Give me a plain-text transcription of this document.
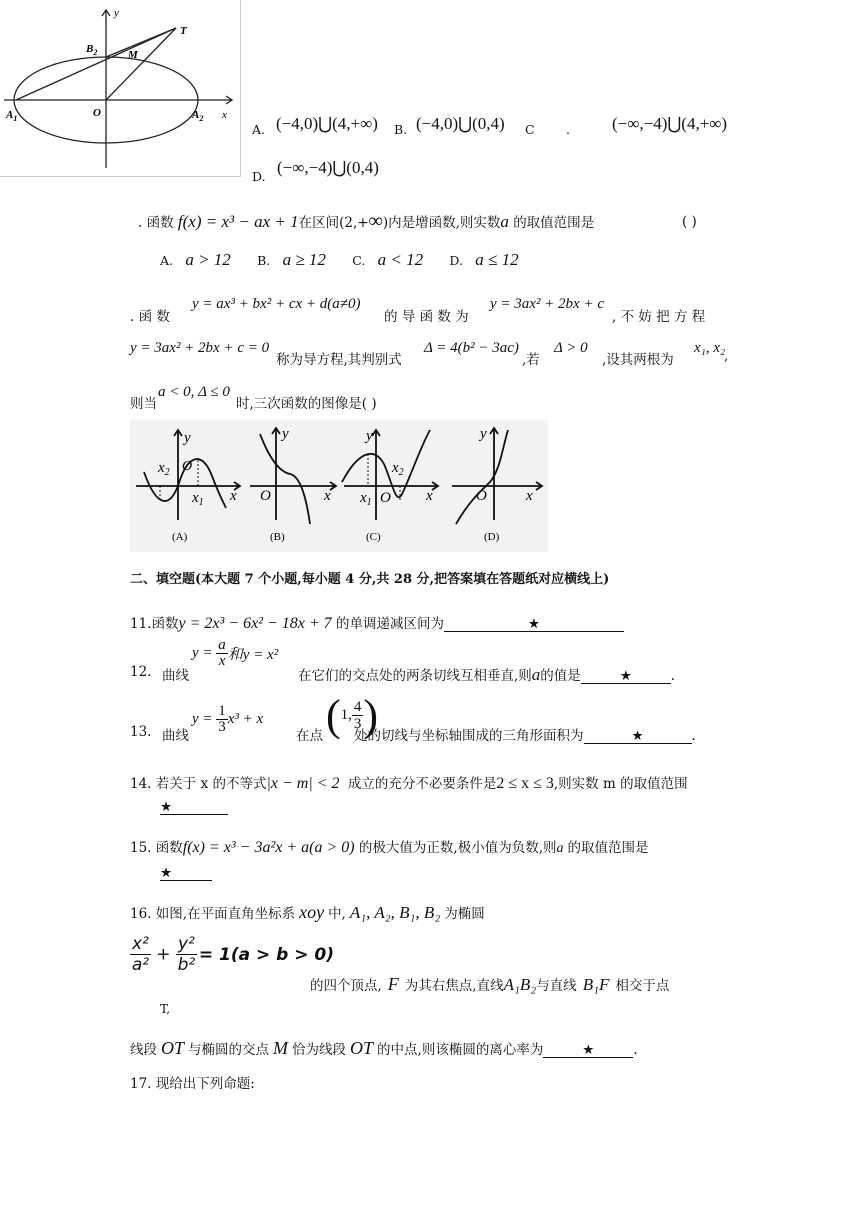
y
x
$B_2$	M
T
$A_1$	O	$A_2$
A. (−4,0)⋃(4,+∞) B. (−4,0)⋃(0,4) C	. (−∞,−4)⋃(4,+∞)
D. (−∞,−4)⋃(0,4)
. 函数 f(x) = x³ − ax + 1在区间(2,+∞)内是增函数,则实数a 的取值范围是	( )
A. a > 12 B. a ≥ 12 C. a < 12 D. a ≤ 12
. 函 数
y = ax³ + bx² + cx + d(a≠0)
的 导 函 数 为
y = 3ax² + 2bx + c
, 不 妨 把 方 程
y = 3ax² + 2bx + c = 0
称为导方程,其判别式
Δ = 4(b² − 3ac)
,若
Δ > 0
,设其两根为
x₁, x₂
,
则当
a < 0, Δ ≤ 0
时,三次函数的图像是( )
y
x
O
$x_2$
$x_1$
(A)
y
x
O
(B)
y
x
O
$x_1$
$x_2$
(C)
y
x
O
(D)
二、填空题(本大题 7 个小题,每小题 4 分,共 28 分,把答案填在答题纸对应横线上)
11.函数y = 2x³ − 6x² − 18x + 7 的单调递减区间为	★
12. 曲线
$y = \frac{a}{x}$ 和y = x²
在它们的交点处的两条切线互相垂直,则a的值是	★	.
13. 曲线
$y = \frac{1}{3} x^3 + x$
在点 (1, $\frac{4}{3}$ )
处的切线与坐标轴围成的三角形面积为	★	.
14. 若关于 x 的不等式|x − m| < 2 成立的充分不必要条件是2 ≤ x ≤ 3,则实数 m 的取值范围
★
15. 函数f(x) = x³ − 3a²x + a(a > 0) 的极大值为正数,极小值为负数,则a 的取值范围是
★
16. 如图,在平面直角坐标系 xoy 中, A₁, A₂, B₁, B₂ 为椭圆
$\frac{\text{x²}}{\text{a²}} + \frac{\text{y²}}{\text{b²}} = 1(a > b > 0)$
的四个顶点, F 为其右焦点,直线A₁B₂与直线 B₁F 相交于点
T,
线段 OT 与椭圆的交点 M 恰为线段 OT 的中点,则该椭圆的离心率为	★	.
17. 现给出下列命题:
